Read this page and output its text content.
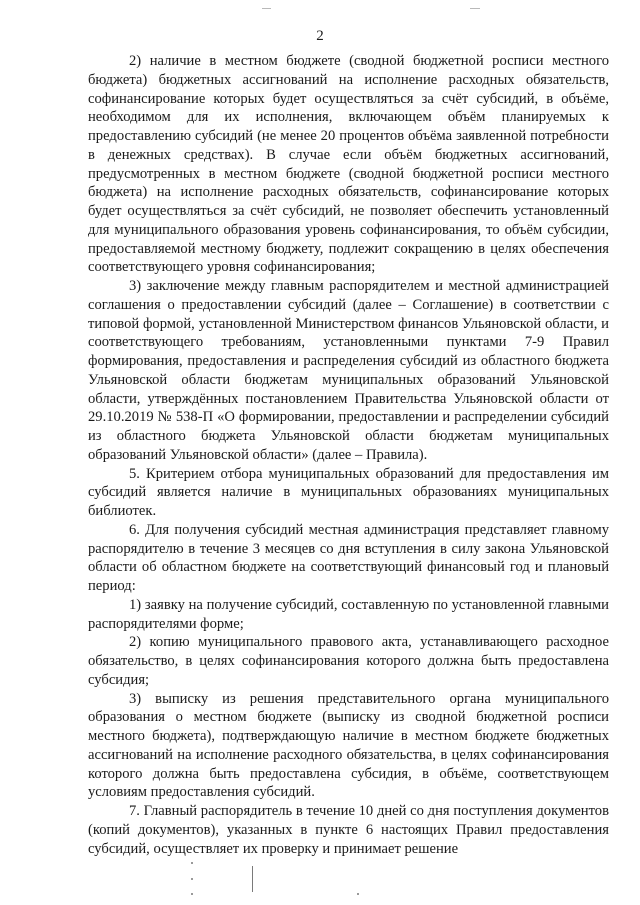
2

2) наличие в местном бюджете (сводной бюджетной росписи местного бюджета) бюджетных ассигнований на исполнение расходных обязательств, софинансирование которых будет осуществляться за счёт субсидий, в объёме, необходимом для их исполнения, включающем объём планируемых к предоставлению субсидий (не менее 20 процентов объёма заявленной потребности в денежных средствах). В случае если объём бюджетных ассигнований, предусмотренных в местном бюджете (сводной бюджетной росписи местного бюджета) на исполнение расходных обязательств, софинансирование которых будет осуществляться за счёт субсидий, не позволяет обеспечить установленный для муниципального образования уровень софинансирования, то объём субсидии, предоставляемой местному бюджету, подлежит сокращению в целях обеспечения соответствующего уровня софинансирования;

3) заключение между главным распорядителем и местной администрацией соглашения о предоставлении субсидий (далее – Соглашение) в соответствии с типовой формой, установленной Министерством финансов Ульяновской области, и соответствующего требованиям, установленными пунктами 7-9 Правил формирования, предоставления и распределения субсидий из областного бюджета Ульяновской области бюджетам муниципальных образований Ульяновской области, утверждённых постановлением Правительства Ульяновской области от 29.10.2019 № 538-П «О формировании, предоставлении и распределении субсидий из областного бюджета Ульяновской области бюджетам муниципальных образований Ульяновской области» (далее – Правила).

5. Критерием отбора муниципальных образований для предоставления им субсидий является наличие в муниципальных образованиях муниципальных библиотек.

6. Для получения субсидий местная администрация представляет главному распорядителю в течение 3 месяцев со дня вступления в силу закона Ульяновской области об областном бюджете на соответствующий финансовый год и плановый период:

1) заявку на получение субсидий, составленную по установленной главными распорядителями форме;

2) копию муниципального правового акта, устанавливающего расходное обязательство, в целях софинансирования которого должна быть предоставлена субсидия;

3) выписку из решения представительного органа муниципального образования о местном бюджете (выписку из сводной бюджетной росписи местного бюджета), подтверждающую наличие в местном бюджете бюджетных ассигнований на исполнение расходного обязательства, в целях софинансирования которого должна быть предоставлена субсидия, в объёме, соответствующем условиям предоставления субсидий.

7. Главный распорядитель в течение 10 дней со дня поступления документов (копий документов), указанных в пункте 6 настоящих Правил предоставления субсидий, осуществляет их проверку и принимает решение
